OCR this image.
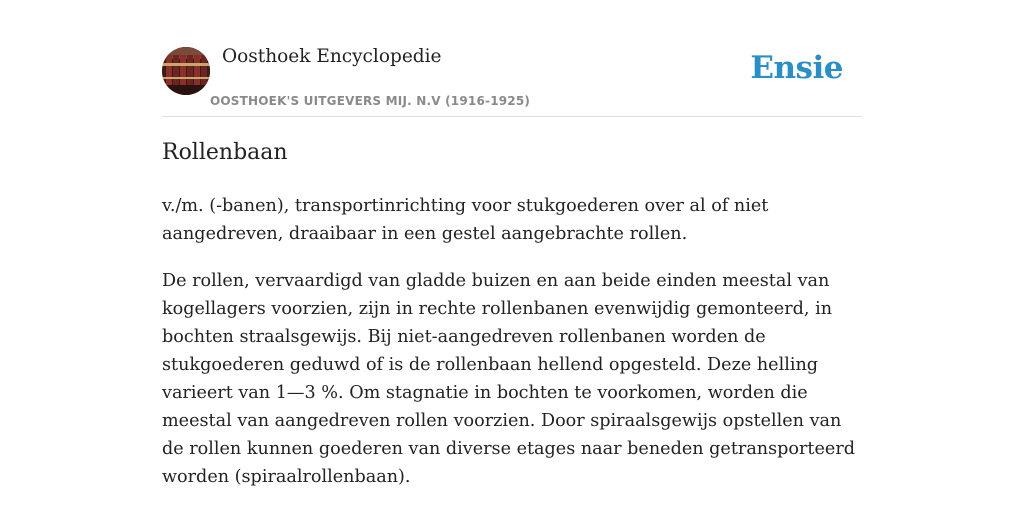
Oosthoek Encyclopedie
OOSTHOEK'S UITGEVERS MIJ. N.V (1916-1925)
Ensie
Rollenbaan

v./m. (-banen), transportinrichting voor stukgoederen over al of niet aangedreven, draaibaar in een gestel aangebrachte rollen.

De rollen, vervaardigd van gladde buizen en aan beide einden meestal van kogellagers voorzien, zijn in rechte rollenbanen evenwijdig gemonteerd, in bochten straalsgewijs. Bij niet-aangedreven rollenbanen worden de stukgoederen geduwd of is de rollenbaan hellend opgesteld. Deze helling varieert van 1—3 %. Om stagnatie in bochten te voorkomen, worden die meestal van aangedreven rollen voorzien. Door spiraalsgewijs opstellen van de rollen kunnen goederen van diverse etages naar beneden getransporteerd worden (spiraalrollenbaan).
